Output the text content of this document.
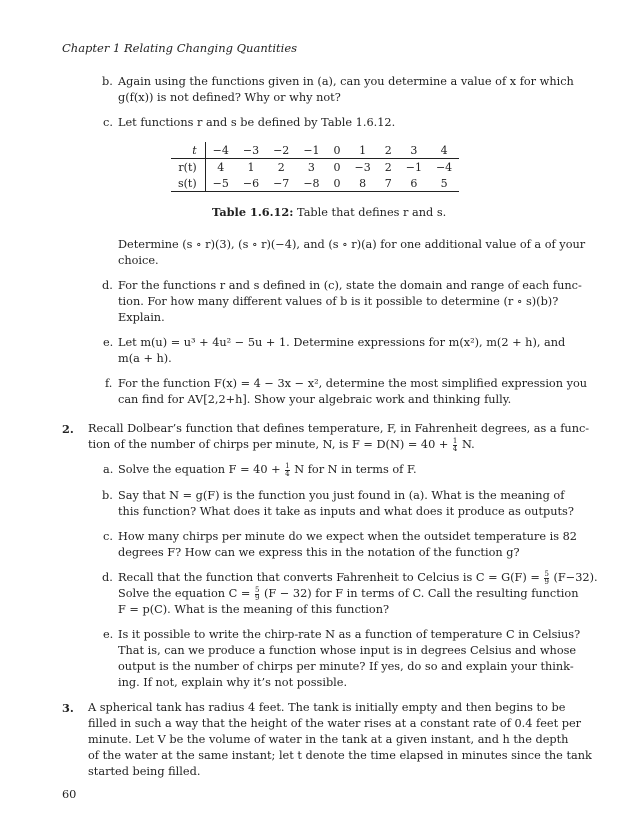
Chapter 1 Relating Changing Quantities
b. Again using the functions given in (a), can you determine a value of x for which
g(f(x)) is not defined? Why or why not?
c. Let functions r and s be defined by Table 1.6.12.
t	−4	−3	−2	−1	0	1	2	3	4
r(t)	4	1	2	3	0	−3	2	−1	−4
s(t)	−5	−6	−7	−8	0	8	7	6	5
Table 1.6.12: Table that defines r and s.
Determine (s ∘ r)(3), (s ∘ r)(−4), and (s ∘ r)(a) for one additional value of a of your
choice.
d. For the functions r and s defined in (c), state the domain and range of each func-
tion. For how many different values of b is it possible to determine (r ∘ s)(b)?
Explain.
e. Let m(u) = u³ + 4u² − 5u + 1. Determine expressions for m(x²), m(2 + h), and
m(a + h).
f. For the function F(x) = 4 − 3x − x², determine the most simplified expression you
can find for AV[2,2+h]. Show your algebraic work and thinking fully.
2. Recall Dolbear’s function that defines temperature, F, in Fahrenheit degrees, as a func-
tion of the number of chirps per minute, N, is $F = D(N) = 40 + \frac{1}{4} N$.
a. Solve the equation $F = 40 + \frac{1}{4}$ N for N in terms of F.
b. Say that N = g(F) is the function you just found in (a). What is the meaning of
this function? What does it take as inputs and what does it produce as outputs?
c. How many chirps per minute do we expect when the outsidet temperature is 82
degrees F? How can we express this in the notation of the function g?
d. Recall that the function that converts Fahrenheit to Celcius is $C = G(F) = \frac{5}{9} (F-32)$.
Solve the equation $C = \frac{5}{9} (F - 32)$ for F in terms of C. Call the resulting function
F = p(C). What is the meaning of this function?
e. Is it possible to write the chirp-rate N as a function of temperature C in Celsius?
That is, can we produce a function whose input is in degrees Celsius and whose
output is the number of chirps per minute? If yes, do so and explain your think-
ing. If not, explain why it’s not possible.
3. A spherical tank has radius 4 feet. The tank is initially empty and then begins to be
filled in such a way that the height of the water rises at a constant rate of 0.4 feet per
minute. Let V be the volume of water in the tank at a given instant, and h the depth
of the water at the same instant; let t denote the time elapsed in minutes since the tank
started being filled.
60
